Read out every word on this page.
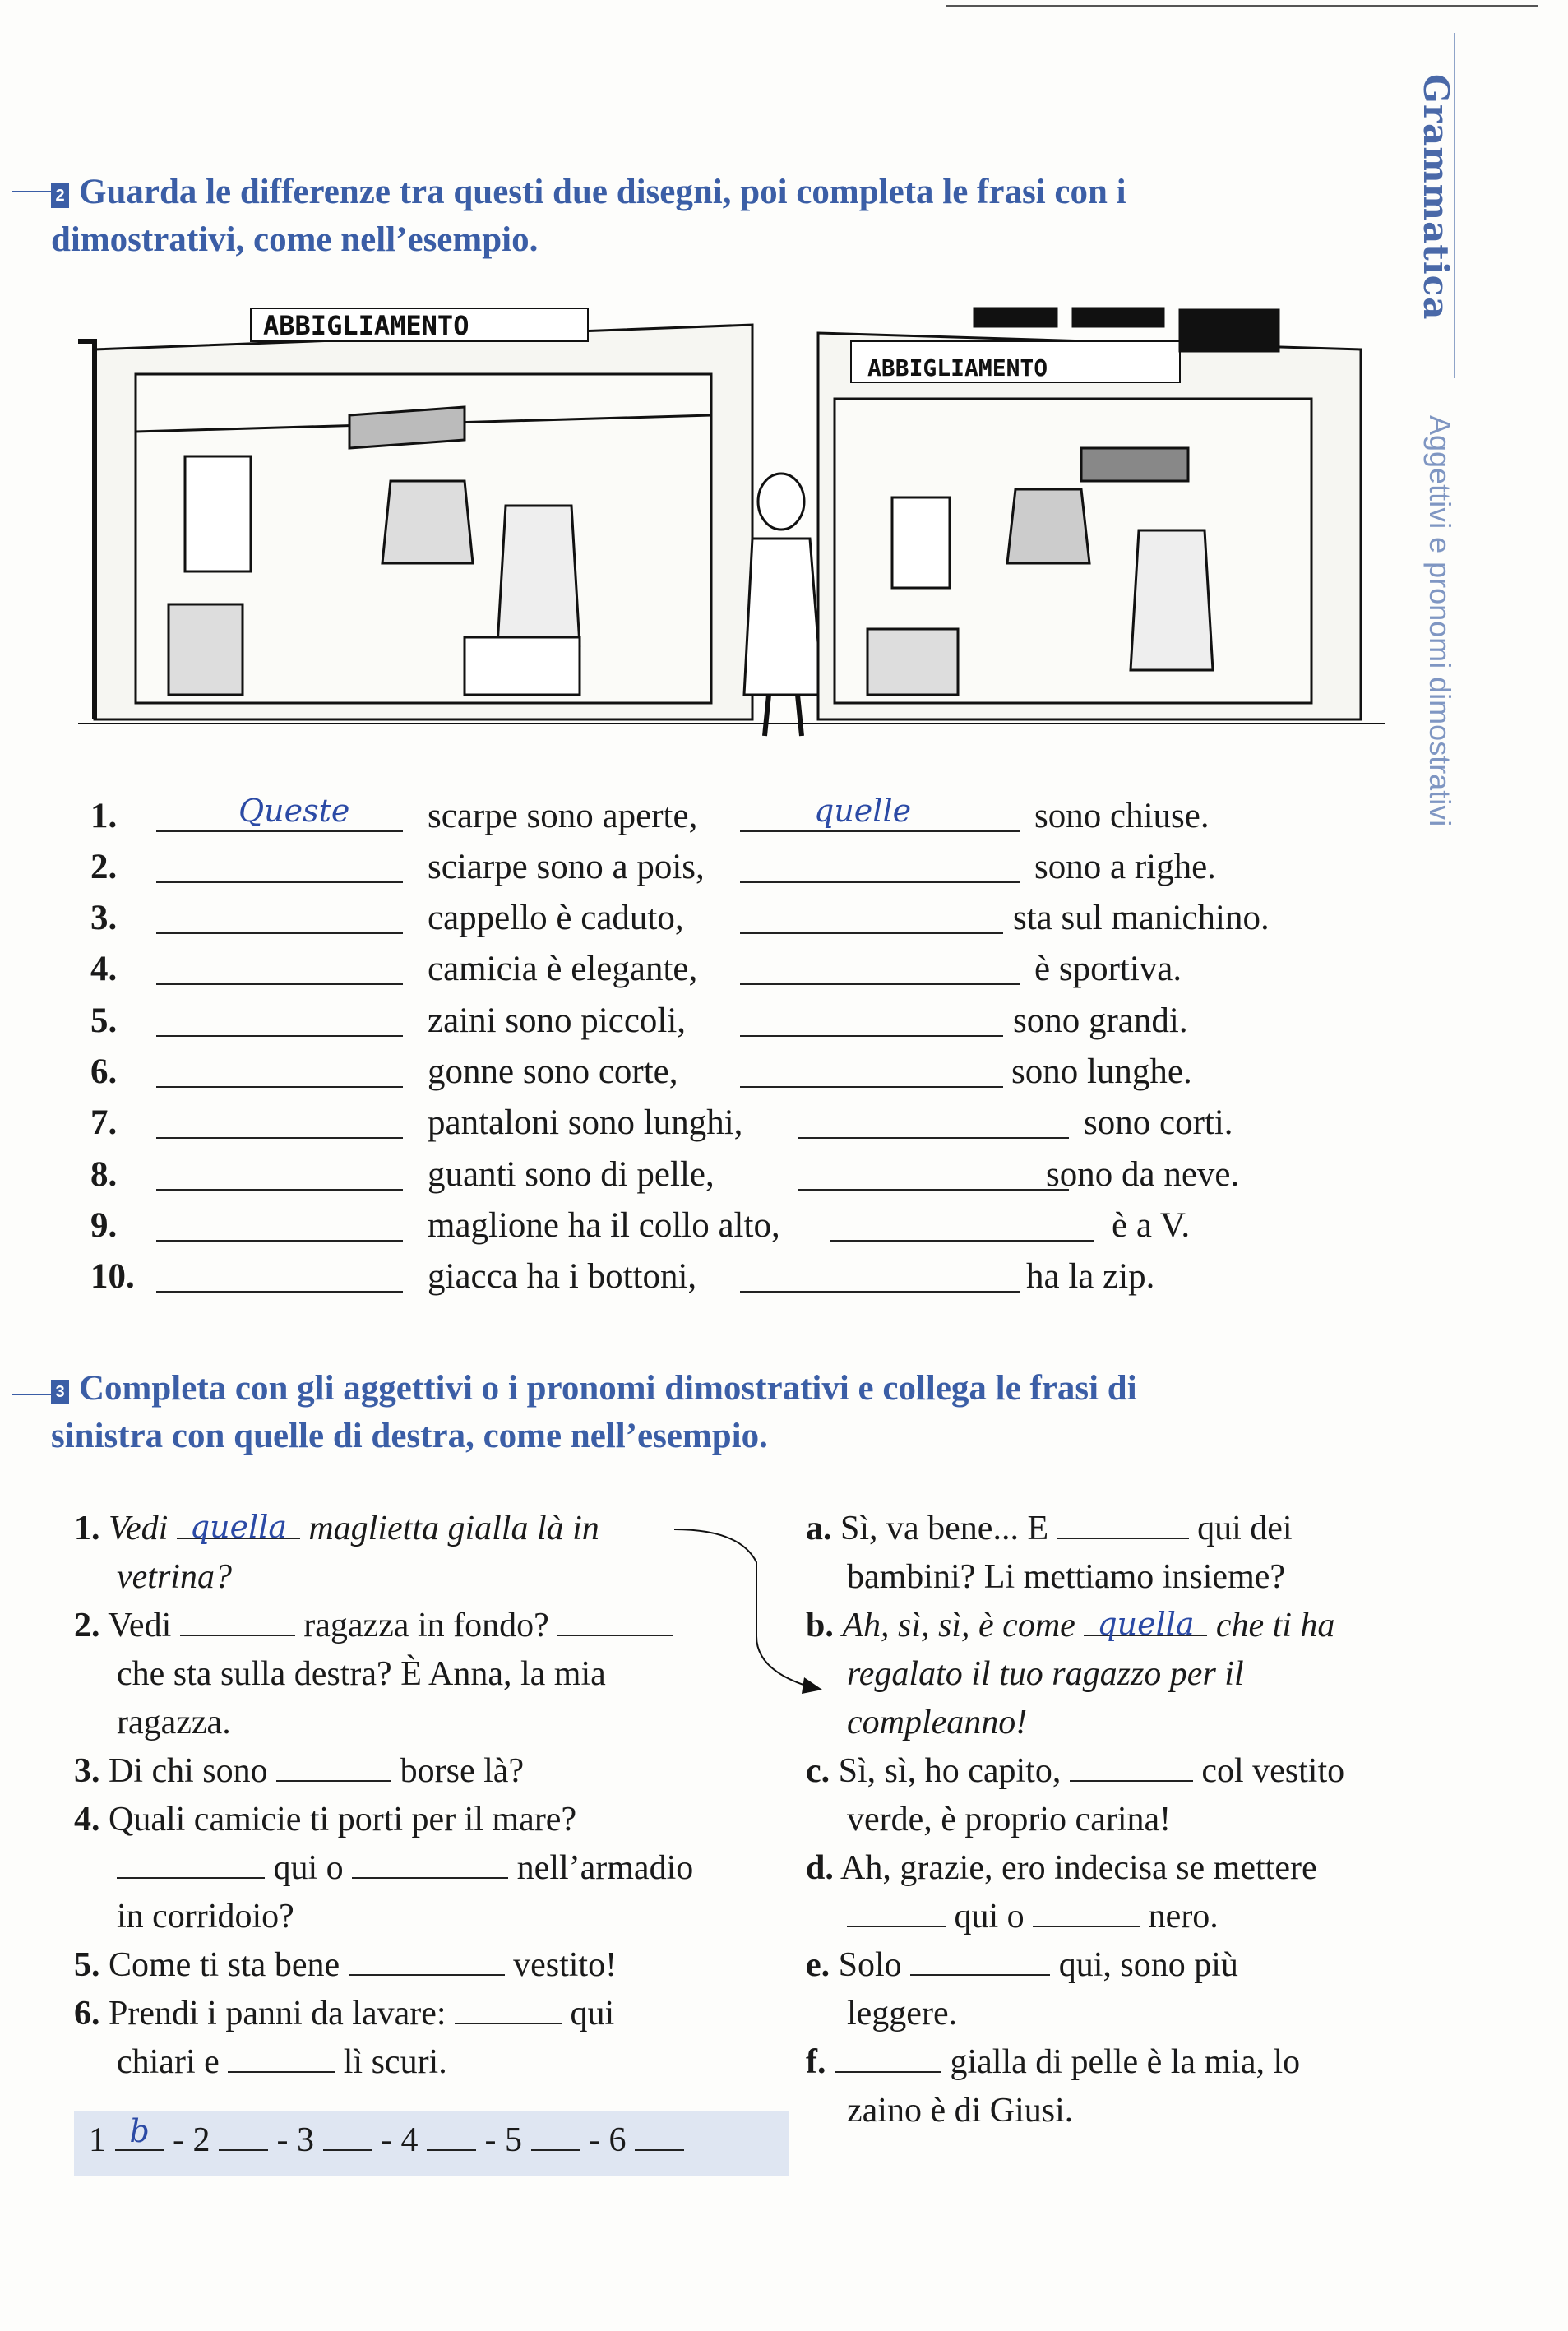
Grammatica
Aggettivi e pronomi dimostrativi
2 Guarda le differenze tra questi due disegni, poi completa le frasi con i
dimostrativi, come nell’esempio.
ABBIGLIAMENTO
ABBIGLIAMENTO
1.	Queste scarpe sono aperte,	quelle	sono chiuse.
2.	sciarpe sono a pois,	sono a righe.
3.	cappello è caduto,	sta sul manichino.
4.	camicia è elegante,	è sportiva.
5.	zaini sono piccoli,	sono grandi.
6.	gonne sono corte,	sono lunghe.
7.	pantaloni sono lunghi,	sono corti.
8.	guanti sono di pelle,	sono da neve.
9.	maglione ha il collo alto,	è a V.
10.	giacca ha i bottoni,	ha la zip.
3 Completa con gli aggettivi o i pronomi dimostrativi e collega le frasi di
sinistra con quelle di destra, come nell’esempio.
1. Vedi quella maglietta gialla là in
vetrina?
2. Vedi	ragazza in fondo?
che sta sulla destra? È Anna, la mia
ragazza.
3. Di chi sono	borse là?
4. Quali camicie ti porti per il mare?
qui o	nell’armadio
in corridoio?
5. Come ti sta bene	vestito!
6. Prendi i panni da lavare:	qui
chiari e	lì scuri.
a. Sì, va bene... E	qui dei
bambini? Li mettiamo insieme?
b. Ah, sì, sì, è come quella che ti ha
regalato il tuo ragazzo per il
compleanno!
c. Sì, sì, ho capito,	col vestito
verde, è proprio carina!
d. Ah, grazie, ero indecisa se mettere
qui o	nero.
e. Solo	qui, sono più
leggere.
f.	gialla di pelle è la mia, lo
zaino è di Giusi.
1 b - 2 - 3 - 4 - 5 - 6
